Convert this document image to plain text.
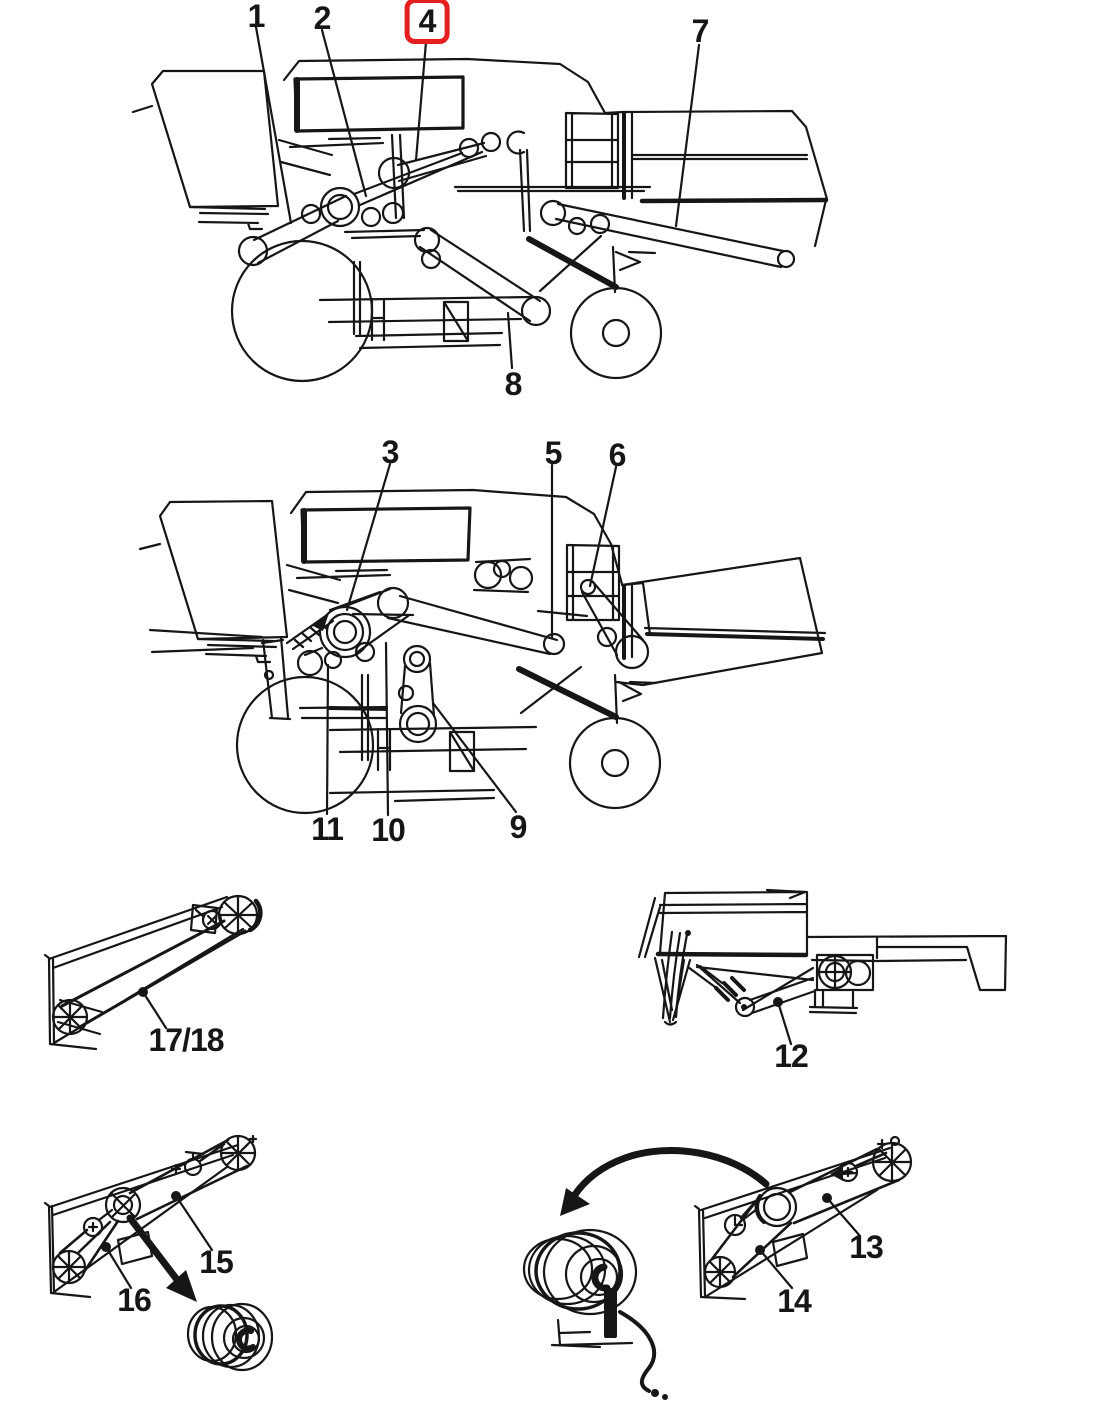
1 2	4	7
8
3	5 6
11 10	9
17/18	12
15
16
13
14
